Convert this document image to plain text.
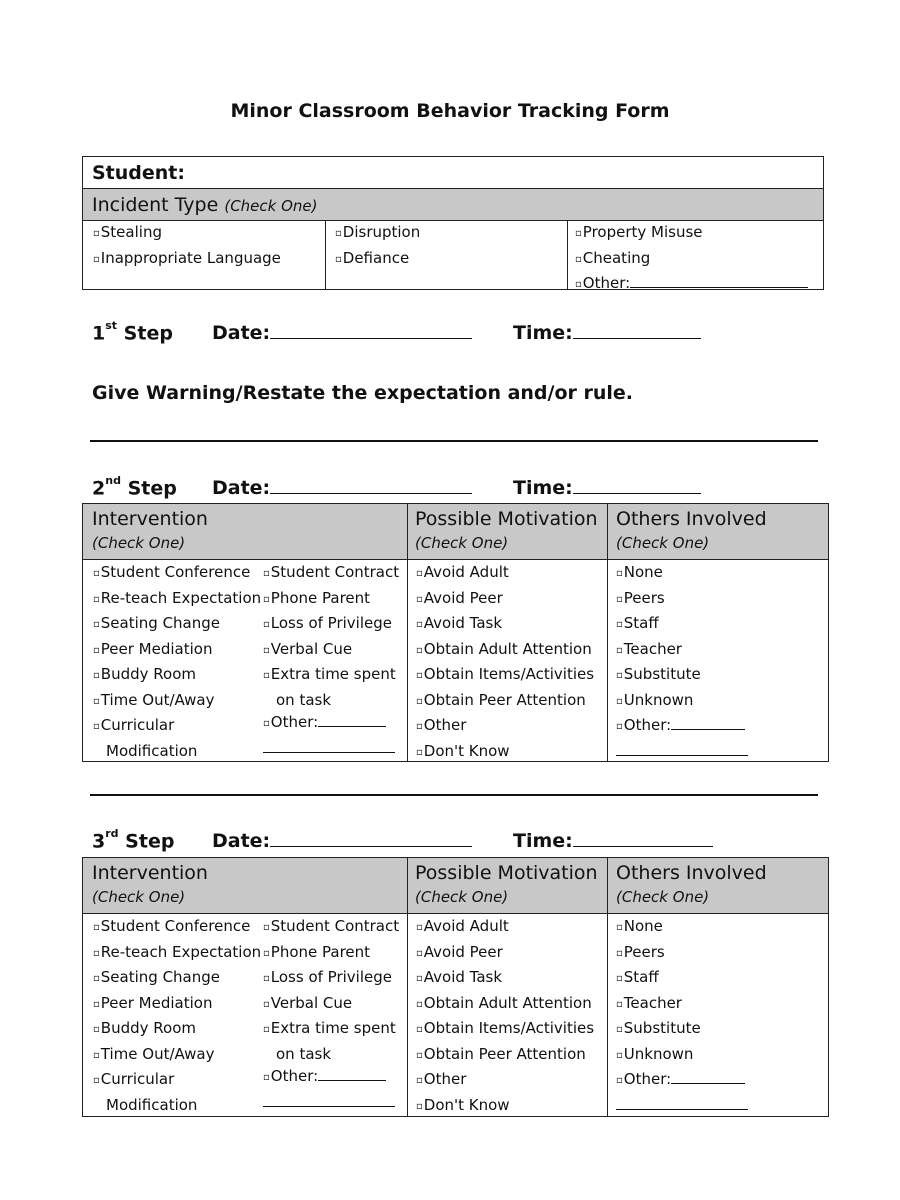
Minor Classroom Behavior Tracking Form
Student:
Incident Type (Check One)
▫ Stealing
▫ Inappropriate Language
▫ Disruption
▫ Defiance
▫ Property Misuse
▫ Cheating
▫ Other:
1st Step Date:	Time:
Give Warning/Restate the expectation and/or rule.
2nd Step Date:	Time:
Intervention
(Check One)
Possible Motivation
(Check One)
Others Involved
(Check One)
▫ Student Conference
▫ Re-teach Expectation
▫ Seating Change
▫ Peer Mediation
▫ Buddy Room
▫ Time Out/Away
▫ Curricular
Modification
▫ Student Contract
▫ Phone Parent
▫ Loss of Privilege
▫ Verbal Cue
▫ Extra time spent
on task
▫ Other:
▫ Avoid Adult
▫ Avoid Peer
▫ Avoid Task
▫ Obtain Adult Attention
▫ Obtain Items/Activities
▫ Obtain Peer Attention
▫ Other
▫ Don't Know
▫ None
▫ Peers
▫ Staff
▫ Teacher
▫ Substitute
▫ Unknown
▫ Other:
3rd Step Date:	Time:
Intervention
(Check One)
Possible Motivation
(Check One)
Others Involved
(Check One)
▫ Student Conference
▫ Re-teach Expectation
▫ Seating Change
▫ Peer Mediation
▫ Buddy Room
▫ Time Out/Away
▫ Curricular
Modification
▫ Student Contract
▫ Phone Parent
▫ Loss of Privilege
▫ Verbal Cue
▫ Extra time spent
on task
▫ Other:
▫ Avoid Adult
▫ Avoid Peer
▫ Avoid Task
▫ Obtain Adult Attention
▫ Obtain Items/Activities
▫ Obtain Peer Attention
▫ Other
▫ Don't Know
▫ None
▫ Peers
▫ Staff
▫ Teacher
▫ Substitute
▫ Unknown
▫ Other:
